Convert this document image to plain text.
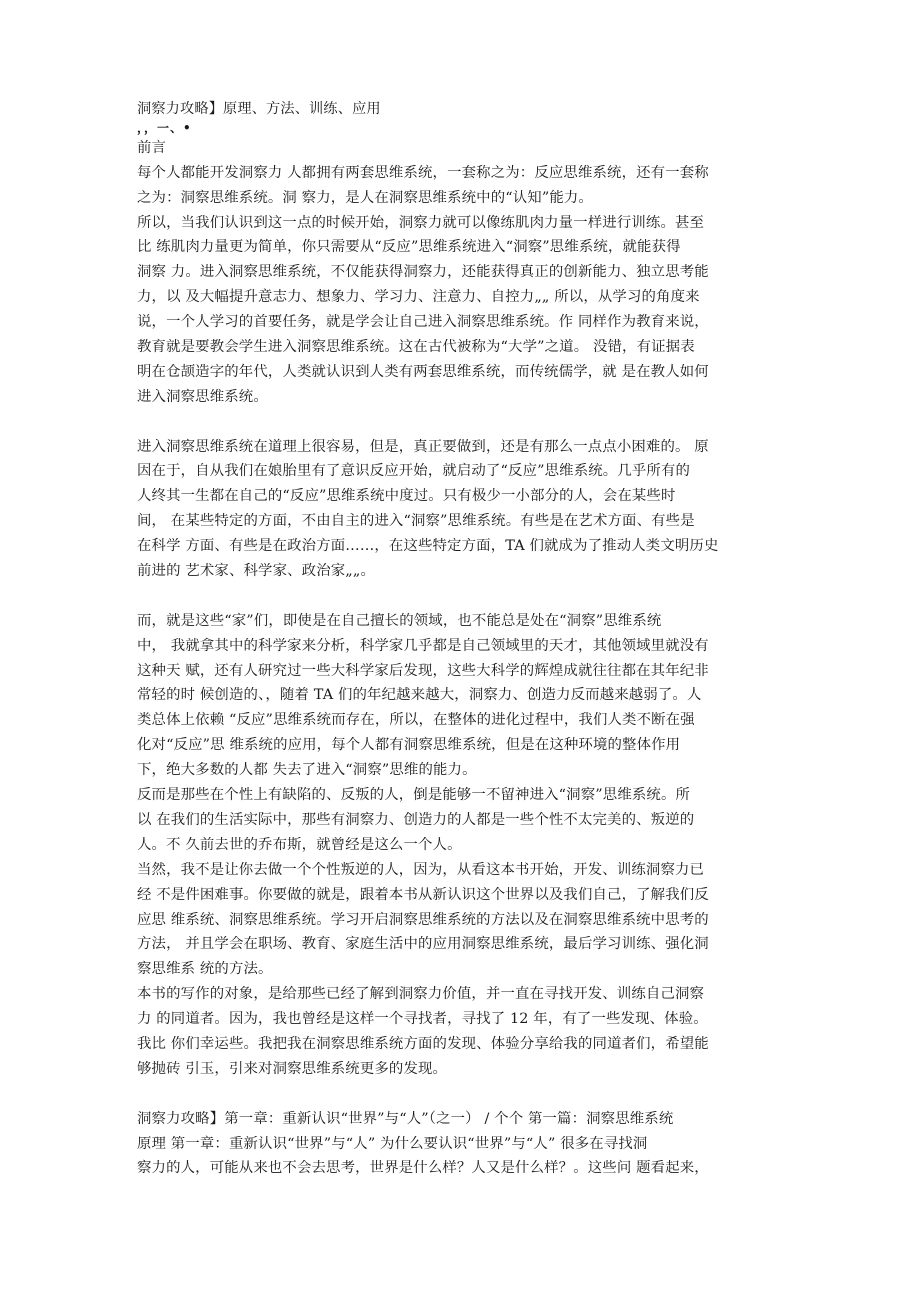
洞察力攻略】原理、方法、训练、应用
，，一、•
前言
每个人都能开发洞察力 人都拥有两套思维系统，一套称之为：反应思维系统，还有一套称
之为：洞察思维系统。洞 察力，是人在洞察思维系统中的“认知”能力。
所以，当我们认识到这一点的时候开始，洞察力就可以像练肌肉力量一样进行训练。甚至
比 练肌肉力量更为简单，你只需要从“反应”思维系统进入“洞察”思维系统，就能获得
洞察 力。进入洞察思维系统，不仅能获得洞察力，还能获得真正的创新能力、独立思考能
力，以 及大幅提升意志力、想象力、学习力、注意力、自控力„„ 所以，从学习的角度来
说，一个人学习的首要任务，就是学会让自己进入洞察思维系统。作 同样作为教育来说，
教育就是要教会学生进入洞察思维系统。这在古代被称为“大学”之道。 没错，有证据表
明在仓颉造字的年代，人类就认识到人类有两套思维系统，而传统儒学，就 是在教人如何
进入洞察思维系统。
进入洞察思维系统在道理上很容易，但是，真正要做到，还是有那么一点点小困难的。 原
因在于，自从我们在娘胎里有了意识反应开始，就启动了“反应”思维系统。几乎所有的
人终其一生都在自己的“反应”思维系统中度过。只有极少一小部分的人，会在某些时
间， 在某些特定的方面，不由自主的进入“洞察”思维系统。有些是在艺术方面、有些是
在科学 方面、有些是在政治方面……，在这些特定方面，TA 们就成为了推动人类文明历史
前进的 艺术家、科学家、政治家„„。
而，就是这些“家”们，即使是在自己擅长的领域，也不能总是处在“洞察”思维系统
中， 我就拿其中的科学家来分析，科学家几乎都是自己领域里的天才，其他领域里就没有
这种天 赋，还有人研究过一些大科学家后发现，这些大科学的辉煌成就往往都在其年纪非
常轻的时 候创造的、，随着 TA 们的年纪越来越大，洞察力、创造力反而越来越弱了。人
类总体上依赖 “反应”思维系统而存在，所以，在整体的进化过程中，我们人类不断在强
化对“反应”思 维系统的应用，每个人都有洞察思维系统，但是在这种环境的整体作用
下，绝大多数的人都 失去了进入“洞察”思维的能力。
反而是那些在个性上有缺陷的、反叛的人，倒是能够一不留神进入“洞察”思维系统。所
以 在我们的生活实际中，那些有洞察力、创造力的人都是一些个性不太完美的、叛逆的
人。不 久前去世的乔布斯，就曾经是这么一个人。
当然，我不是让你去做一个个性叛逆的人，因为，从看这本书开始，开发、训练洞察力已
经 不是件困难事。你要做的就是，跟着本书从新认识这个世界以及我们自己，了解我们反
应思 维系统、洞察思维系统。学习开启洞察思维系统的方法以及在洞察思维系统中思考的
方法， 并且学会在职场、教育、家庭生活中的应用洞察思维系统，最后学习训练、强化洞
察思维系 统的方法。
本书的写作的对象，是给那些已经了解到洞察力价值，并一直在寻找开发、训练自己洞察
力 的同道者。因为，我也曾经是这样一个寻找者，寻找了 12 年，有了一些发现、体验。
我比 你们幸运些。我把我在洞察思维系统方面的发现、体验分享给我的同道者们，希望能
够抛砖 引玉，引来对洞察思维系统更多的发现。
洞察力攻略】第一章：重新认识“世界”与“人”（之一） / 个个 第一篇：洞察思维系统
原理 第一章：重新认识“世界”与“人” 为什么要认识“世界”与“人” 很多在寻找洞
察力的人，可能从来也不会去思考，世界是什么样？人又是什么样？。这些问 题看起来，
